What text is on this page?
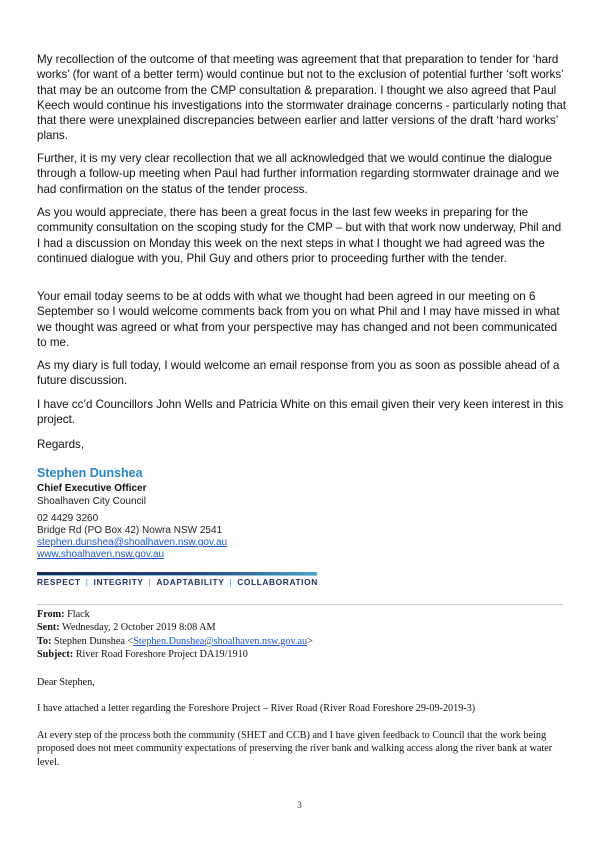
My recollection of the outcome of that meeting was agreement that that preparation to tender for ‘hard works’ (for want of a better term) would continue but not to the exclusion of potential further ‘soft works’ that may be an outcome from the CMP consultation & preparation. I thought we also agreed that Paul Keech would continue his investigations into the stormwater drainage concerns - particularly noting that that there were unexplained discrepancies between earlier and latter versions of the draft ‘hard works’ plans.

Further, it is my very clear recollection that we all acknowledged that we would continue the dialogue through a follow-up meeting when Paul had further information regarding stormwater drainage and we had confirmation on the status of the tender process.

As you would appreciate, there has been a great focus in the last few weeks in preparing for the community consultation on the scoping study for the CMP – but with that work now underway, Phil and I had a discussion on Monday this week on the next steps in what I thought we had agreed was the continued dialogue with you, Phil Guy and others prior to proceeding further with the tender.

Your email today seems to be at odds with what we thought had been agreed in our meeting on 6 September so I would welcome comments back from you on what Phil and I may have missed in what we thought was agreed or what from your perspective may has changed and not been communicated to me.

As my diary is full today, I would welcome an email response from you as soon as possible ahead of a future discussion.

I have cc’d Councillors John Wells and Patricia White on this email given their very keen interest in this project.

Regards,

Stephen Dunshea
Chief Executive Officer
Shoalhaven City Council
02 4429 3260
Bridge Rd (PO Box 42) Nowra NSW 2541
stephen.dunshea@shoalhaven.nsw.gov.au
www.shoalhaven.nsw.gov.au
RESPECT | INTEGRITY | ADAPTABILITY | COLLABORATION
From: Flack
Sent: Wednesday, 2 October 2019 8:08 AM
To: Stephen Dunshea <Stephen.Dunshea@shoalhaven.nsw.gov.au>
Subject: River Road Foreshore Project DA19/1910

Dear Stephen,

I have attached a letter regarding the Foreshore Project – River Road (River Road Foreshore 29-09-2019-3)

At every step of the process both the community (SHET and CCB) and I have given feedback to Council that the work being proposed does not meet community expectations of preserving the river bank and walking access along the river bank at water level.

3
